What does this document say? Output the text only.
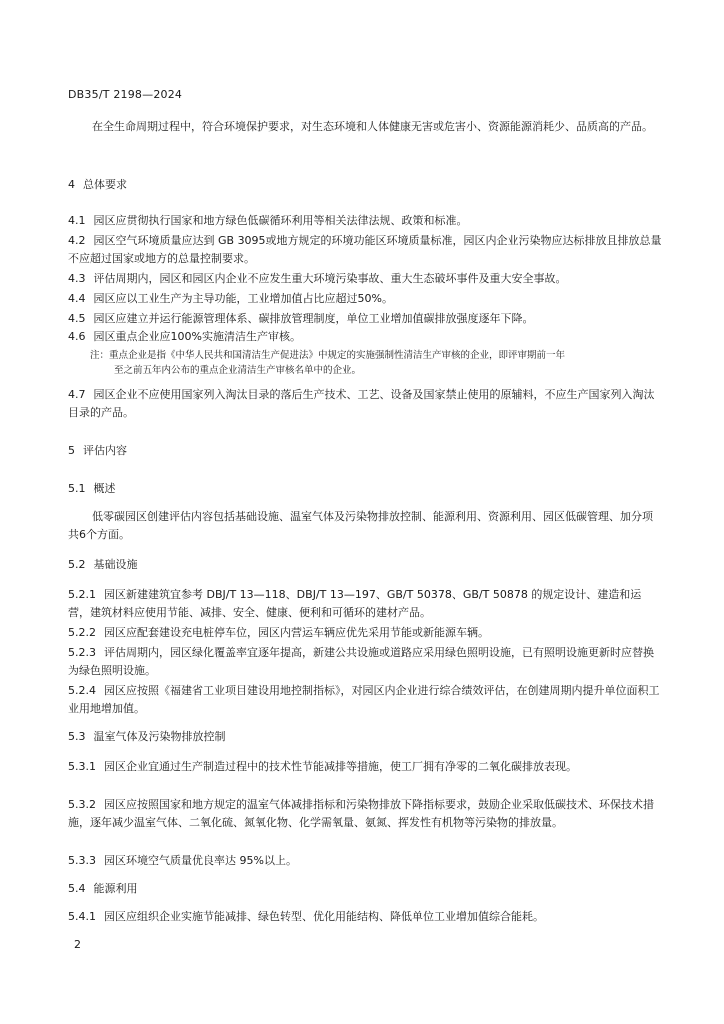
DB35/T 2198—2024
在全生命周期过程中，符合环境保护要求，对生态环境和人体健康无害或危害小、资源能源消耗少、品质高的产品。
4 总体要求
4.1 园区应贯彻执行国家和地方绿色低碳循环利用等相关法律法规、政策和标准。
4.2 园区空气环境质量应达到 GB 3095或地方规定的环境功能区环境质量标准，园区内企业污染物应达标排放且排放总量不应超过国家或地方的总量控制要求。
4.3 评估周期内，园区和园区内企业不应发生重大环境污染事故、重大生态破坏事件及重大安全事故。
4.4 园区应以工业生产为主导功能，工业增加值占比应超过50%。
4.5 园区应建立并运行能源管理体系、碳排放管理制度，单位工业增加值碳排放强度逐年下降。
4.6 园区重点企业应100%实施清洁生产审核。
注：重点企业是指《中华人民共和国清洁生产促进法》中规定的实施强制性清洁生产审核的企业，即评审期前一年
至之前五年内公布的重点企业清洁生产审核名单中的企业。
4.7 园区企业不应使用国家列入淘汰目录的落后生产技术、工艺、设备及国家禁止使用的原辅料，不应生产国家列入淘汰目录的产品。
5 评估内容
5.1 概述
低零碳园区创建评估内容包括基础设施、温室气体及污染物排放控制、能源利用、资源利用、园区低碳管理、加分项共6个方面。
5.2 基础设施
5.2.1 园区新建建筑宜参考 DBJ/T 13—118、DBJ/T 13—197、GB/T 50378、GB/T 50878 的规定设计、建造和运营，建筑材料应使用节能、减排、安全、健康、便利和可循环的建材产品。
5.2.2 园区应配套建设充电桩停车位，园区内营运车辆应优先采用节能或新能源车辆。
5.2.3 评估周期内，园区绿化覆盖率宜逐年提高，新建公共设施或道路应采用绿色照明设施，已有照明设施更新时应替换为绿色照明设施。
5.2.4 园区应按照《福建省工业项目建设用地控制指标》，对园区内企业进行综合绩效评估，在创建周期内提升单位面积工业用地增加值。
5.3 温室气体及污染物排放控制
5.3.1 园区企业宜通过生产制造过程中的技术性节能减排等措施，使工厂拥有净零的二氧化碳排放表现。
5.3.2 园区应按照国家和地方规定的温室气体减排指标和污染物排放下降指标要求，鼓励企业采取低碳技术、环保技术措施，逐年减少温室气体、二氧化硫、氮氧化物、化学需氧量、氨氮、挥发性有机物等污染物的排放量。
5.3.3 园区环境空气质量优良率达 95%以上。
5.4 能源利用
5.4.1 园区应组织企业实施节能减排、绿色转型、优化用能结构、降低单位工业增加值综合能耗。
2
